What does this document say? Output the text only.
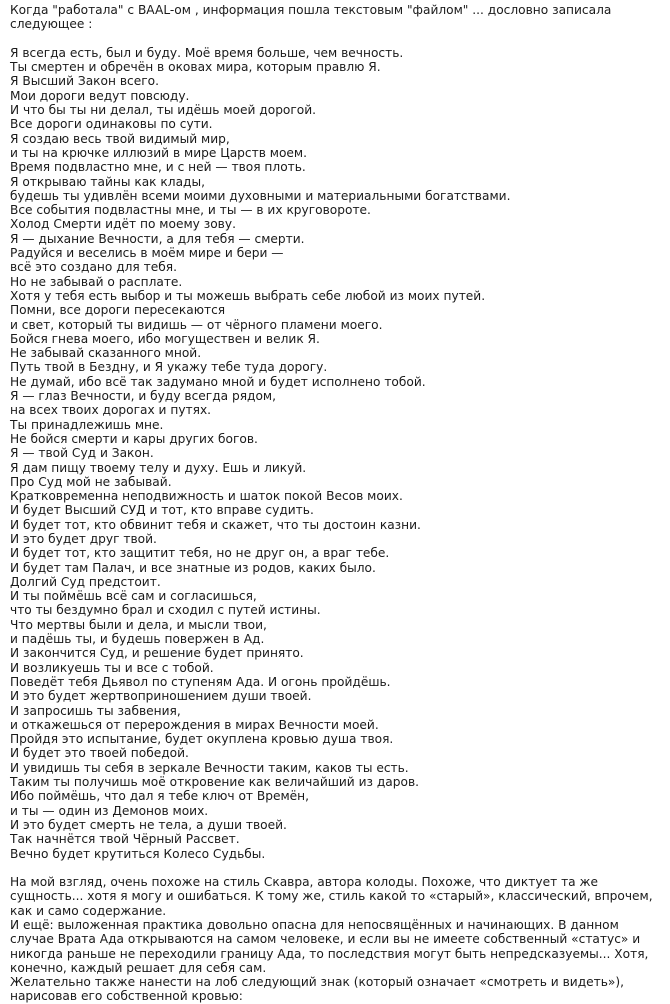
Когда "работала" с BAAL-ом , информация пошла текстовым "файлом" ... дословно записала следующее :

Я всегда есть, был и буду. Моё время больше, чем вечность.
Ты смертен и обречён в оковах мира, которым правлю Я.
Я Высший Закон всего.
Мои дороги ведут повсюду.
И что бы ты ни делал, ты идёшь моей дорогой.
Все дороги одинаковы по сути.
Я создаю весь твой видимый мир,
и ты на крючке иллюзий в мире Царств моем.
Время подвластно мне, и с ней — твоя плоть.
Я открываю тайны как клады,
будешь ты удивлён всеми моими духовными и материальными богатствами.
Все события подвластны мне, и ты — в их круговороте.
Холод Смерти идёт по моему зову.
Я — дыхание Вечности, а для тебя — смерти.
Радуйся и веселись в моём мире и бери —
всё это создано для тебя.
Но не забывай о расплате.
Хотя у тебя есть выбор и ты можешь выбрать себе любой из моих путей.
Помни, все дороги пересекаются
и свет, который ты видишь — от чёрного пламени моего.
Бойся гнева моего, ибо могуществен и велик Я.
Не забывай сказанного мной.
Путь твой в Бездну, и Я укажу тебе туда дорогу.
Не думай, ибо всё так задумано мной и будет исполнено тобой.
Я — глаз Вечности, и буду всегда рядом,
на всех твоих дорогах и путях.
Ты принадлежишь мне.
Не бойся смерти и кары других богов.
Я — твой Суд и Закон.
Я дам пищу твоему телу и духу. Ешь и ликуй.
Про Суд мой не забывай.
Кратковременна неподвижность и шаток покой Весов моих.
И будет Высший СУД и тот, кто вправе судить.
И будет тот, кто обвинит тебя и скажет, что ты достоин казни.
И это будет друг твой.
И будет тот, кто защитит тебя, но не друг он, а враг тебе.
И будет там Палач, и все знатные из родов, каких было.
Долгий Суд предстоит.
И ты поймёшь всё сам и согласишься,
что ты бездумно брал и сходил с путей истины.
Что мертвы были и дела, и мысли твои,
и падёшь ты, и будешь повержен в Ад.
И закончится Суд, и решение будет принято.
И возликуешь ты и все с тобой.
Поведёт тебя Дьявол по ступеням Ада. И огонь пройдёшь.
И это будет жертвоприношением души твоей.
И запросишь ты забвения,
и откажешься от перерождения в мирах Вечности моей.
Пройдя это испытание, будет окуплена кровью душа твоя.
И будет это твоей победой.
И увидишь ты себя в зеркале Вечности таким, каков ты есть.
Таким ты получишь моё откровение как величайший из даров.
Ибо поймёшь, что дал я тебе ключ от Времён,
и ты — один из Демонов моих.
И это будет смерть не тела, а души твоей.
Так начнётся твой Чёрный Рассвет.
Вечно будет крутиться Колесо Судьбы.

На мой взгляд, очень похоже на стиль Скавра, автора колоды. Похоже, что диктует та же сущность... хотя я могу и ошибаться. К тому же, стиль какой то «старый», классический, впрочем, как и само содержание.

И ещё: выложенная практика довольно опасна для непосвящённых и начинающих. В данном случае Врата Ада открываются на самом человеке, и если вы не имеете собственный «статус» и никогда раньше не переходили границу Ада, то последствия могут быть непредсказуемы... Хотя, конечно, каждый решает для себя сам.

Желательно также нанести на лоб следующий знак (который означает «смотреть и видеть»), нарисовав его собственной кровью:
